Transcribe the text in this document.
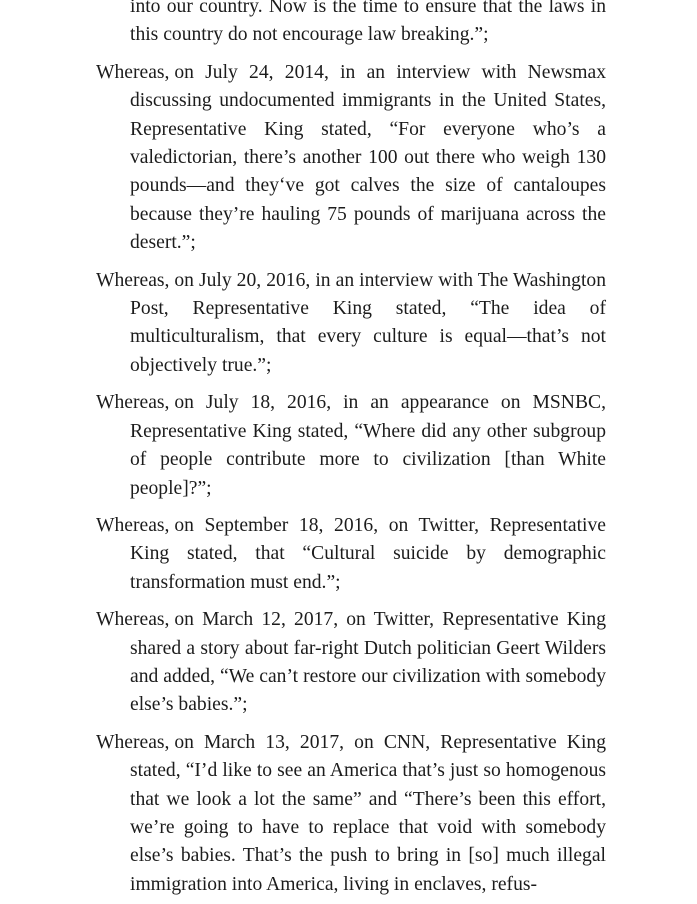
into our country. Now is the time to ensure that the laws in this country do not encourage law breaking.”;

Whereas, on July 24, 2014, in an interview with Newsmax discussing undocumented immigrants in the United States, Representative King stated, “For everyone who’s a valedictorian, there’s another 100 out there who weigh 130 pounds—and they‘ve got calves the size of cantaloupes because they’re hauling 75 pounds of marijuana across the desert.”;

Whereas, on July 20, 2016, in an interview with The Washington Post, Representative King stated, “The idea of multiculturalism, that every culture is equal—that’s not objectively true.”;

Whereas, on July 18, 2016, in an appearance on MSNBC, Representative King stated, “Where did any other subgroup of people contribute more to civilization [than White people]?”;

Whereas, on September 18, 2016, on Twitter, Representative King stated, that “Cultural suicide by demographic transformation must end.”;

Whereas, on March 12, 2017, on Twitter, Representative King shared a story about far-right Dutch politician Geert Wilders and added, “We can’t restore our civilization with somebody else’s babies.”;

Whereas, on March 13, 2017, on CNN, Representative King stated, “I’d like to see an America that’s just so homogenous that we look a lot the same” and “There’s been this effort, we’re going to have to replace that void with somebody else’s babies. That’s the push to bring in [so] much illegal immigration into America, living in enclaves, refus-
